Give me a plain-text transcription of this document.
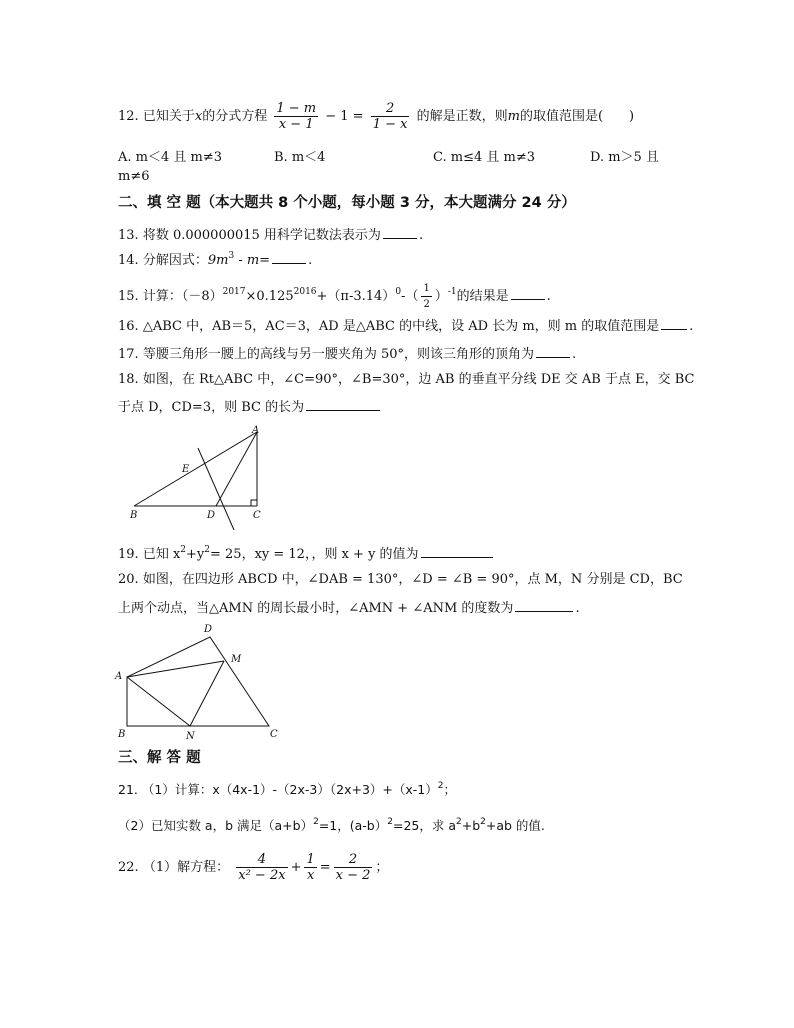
12. 已知关于x的分式方程 $\frac{1 - m}{x - 1} - 1 = \frac{2}{1 - x}$ 的解是正数，则m的取值范围是(　　)
A. m＜4 且 m≠3	B. m＜4	C. m≤4 且 m≠3	D. m＞5 且
m≠6
二、填 空 题（本大题共 8 个小题，每小题 3 分，本大题满分 24 分）
13. 将数 0.000000015 用科学记数法表示为	.
14. 分解因式：$9m^3 - m=$	.
15. 计算：$(-8)^{2017}\times 0.125^{2016}+(\pi-3.14)^0-( \frac{1}{2} )^{-1}$的结果是	.
16. △ABC 中，AB＝5，AC＝3，AD 是△ABC 的中线，设 AD 长为 m，则 m 的取值范围是 .
17. 等腰三角形一腰上的高线与另一腰夹角为 50°，则该三角形的顶角为	.
18. 如图，在 Rt△ABC 中，∠C=90°，∠B=30°，边 AB 的垂直平分线 DE 交 AB 于点 E，交 BC
于点 D，CD=3，则 BC 的长为
A
E
B	D	C
19. 已知 $x^2+y^2= 25$，xy = 12，，则 x + y 的值为
20. 如图，在四边形 ABCD 中，∠DAB = 130°，∠D = ∠B = 90°，点 M，N 分别是 CD，BC
上两个动点，当△AMN 的周长最小时，∠AMN + ∠ANM 的度数为	.
D
M
A
B	N	C
三、解 答 题
21. （1）计算：$x(4x-1)-(2x-3)(2x+3)+(x-1)^2$；
（2）已知实数 a，b 满足$(a+b)^2=1$，(a-b）$^2$=25，求 $a^2+b^2+ab$ 的值.
22. （1）解方程： $\frac{4}{\text{x² − 2x}} + \frac{1}{x} = \frac{2}{x - 2}$ ；
